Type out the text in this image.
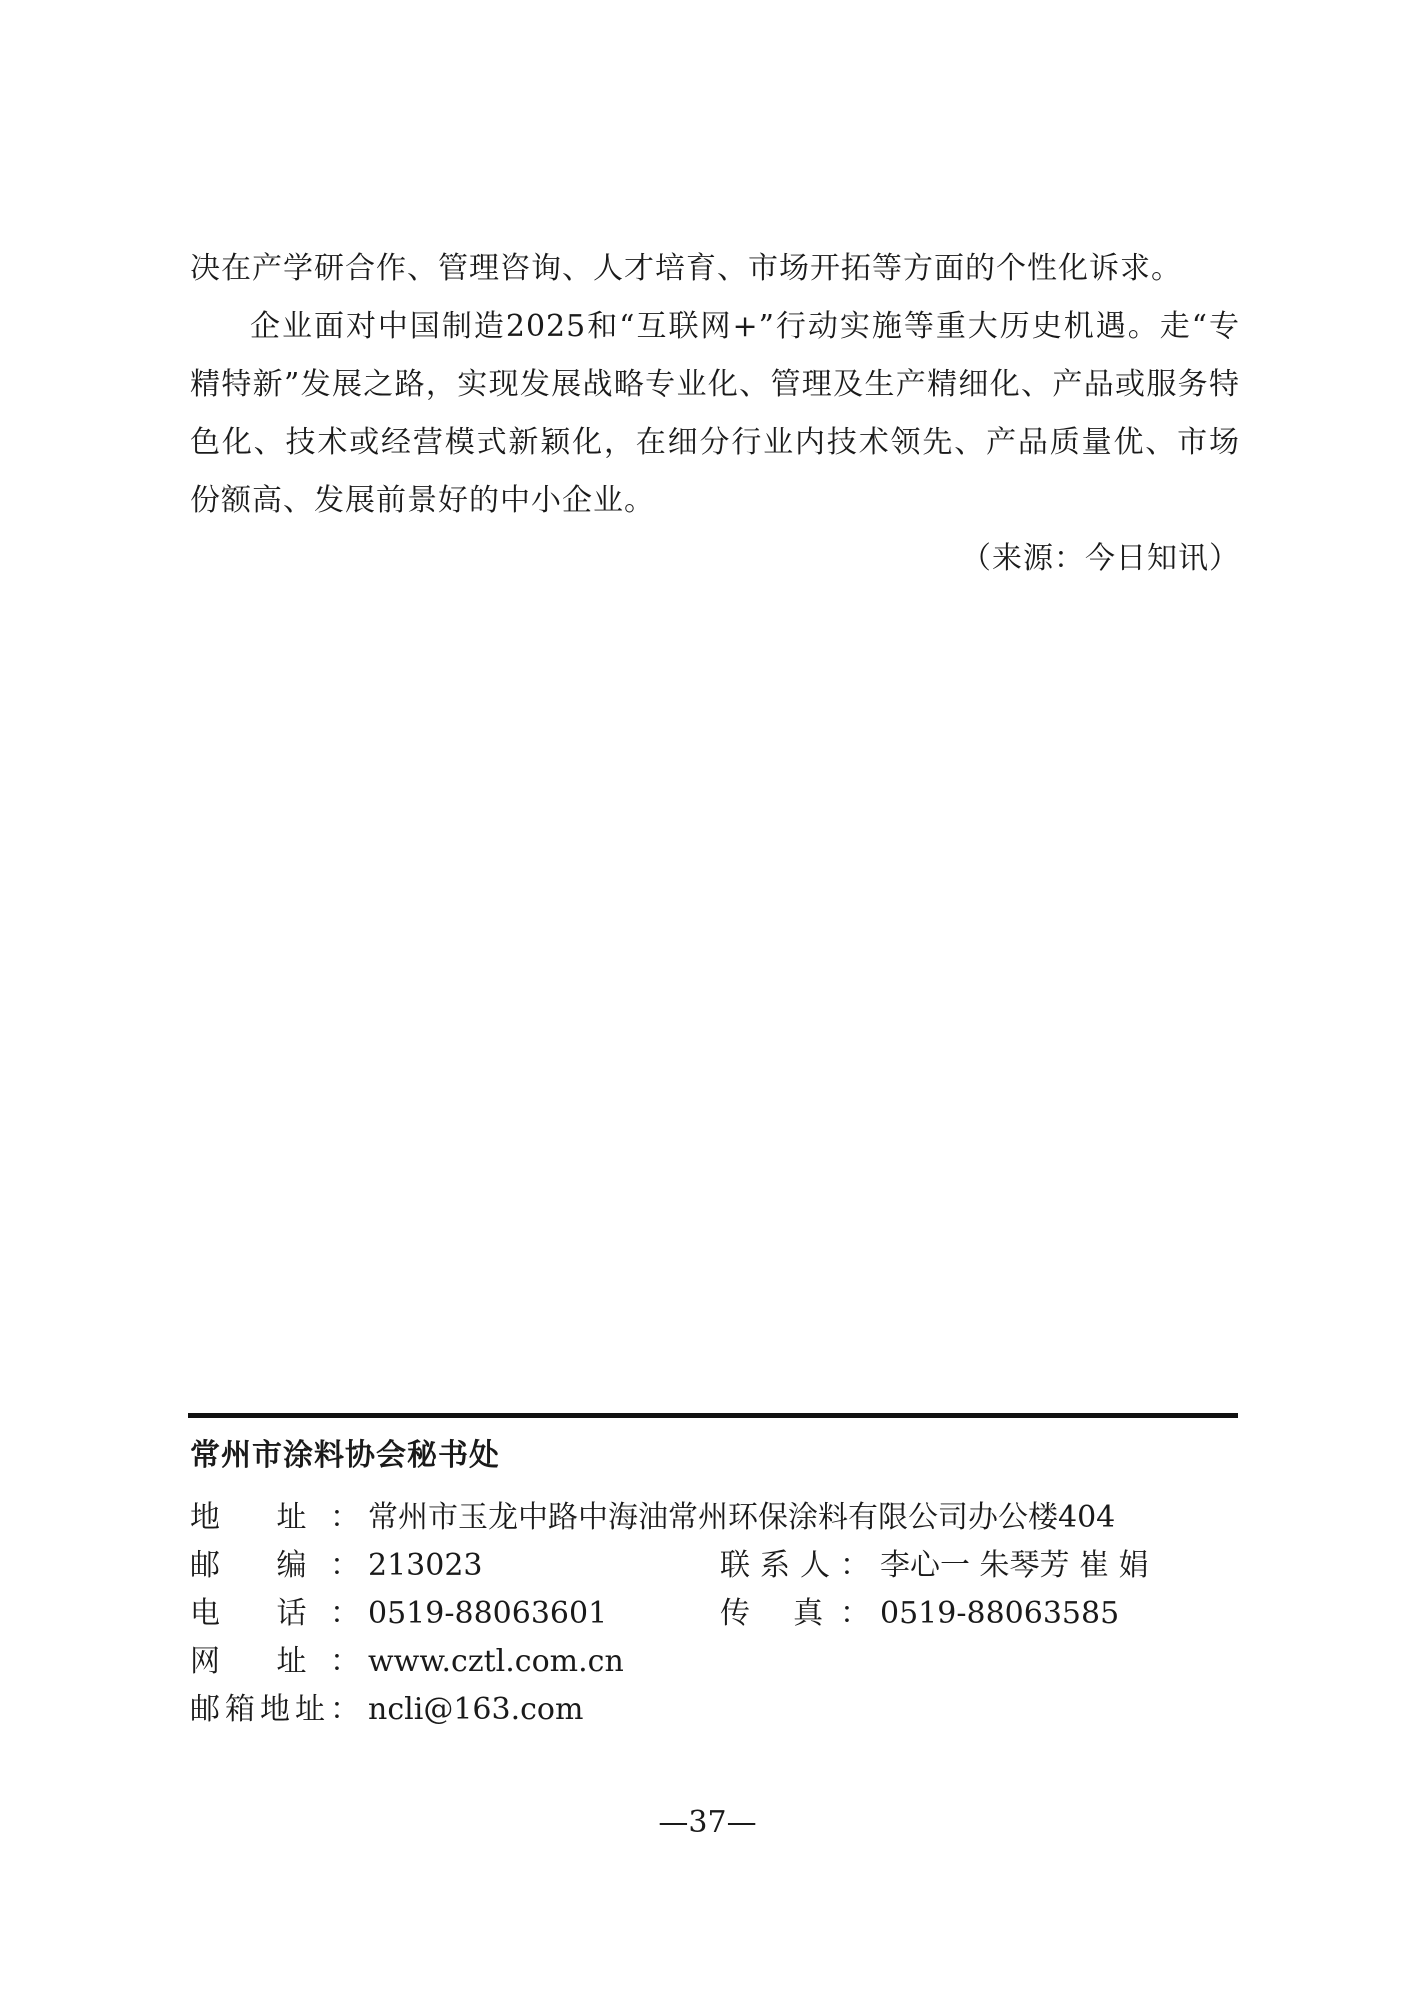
决在产学研合作、管理咨询、人才培育、市场开拓等方面的个性化诉求。

企业面对中国制造2025和“互联网+”行动实施等重大历史机遇。走“专精特新”发展之路，实现发展战略专业化、管理及生产精细化、产品或服务特色化、技术或经营模式新颖化，在细分行业内技术领先、产品质量优、市场份额高、发展前景好的中小企业。

（来源：今日知讯）

常州市涂料协会秘书处
地 址： 常州市玉龙中路中海油常州环保涂料有限公司办公楼404
邮 编： 213023	联系人： 李心一 朱琴芳 崔 娟
电 话： 0519-88063601	传 真： 0519-88063585
网 址： www.cztl.com.cn
邮箱地址： ncli@163.com
—37—
